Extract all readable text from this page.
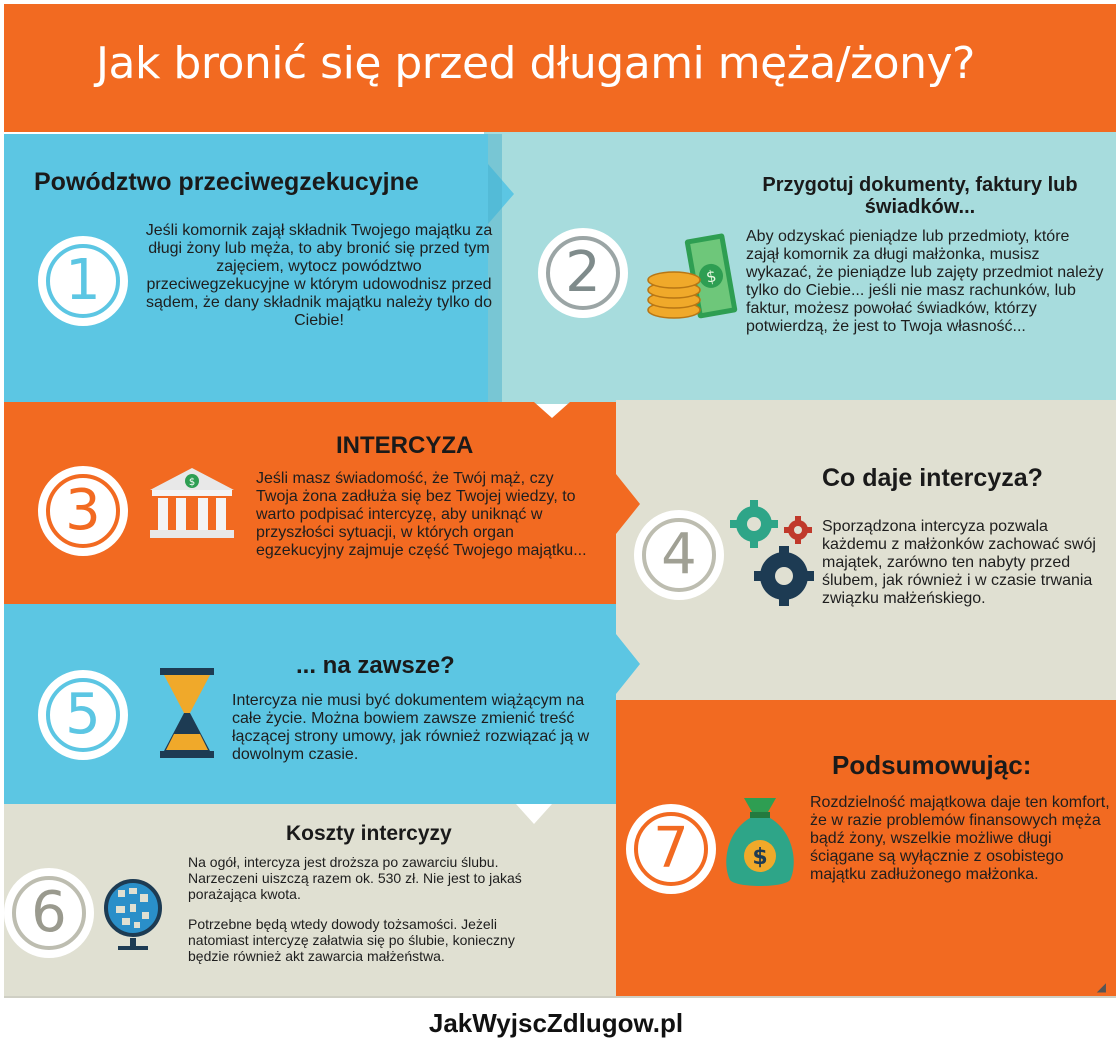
Jak bronić się przed długami męża/żony?
Powództwo przeciwegzekucyjne
1
Jeśli komornik zajął składnik Twojego majątku za długi żony lub męża, to aby bronić się przed tym zajęciem, wytocz powództwo przeciwegzekucyjne w którym udowodnisz przed sądem, że dany składnik majątku należy tylko do Ciebie!
Przygotuj dokumenty, faktury lub świadków...
2	$
Aby odzyskać pieniądze lub przedmioty, które zajął komornik za długi małżonka, musisz wykazać, że pieniądze lub zajęty przedmiot należy tylko do Ciebie... jeśli nie masz rachunków, lub faktur, możesz powołać świadków, którzy potwierdzą, że jest to Twoja własność...
INTERCYZA
3	$	Jeśli masz świadomość, że Twój mąż, czy Twoja żona zadłuża się bez Twojej wiedzy, to warto podpisać intercyzę, aby uniknąć w przyszłości sytuacji, w których organ egzekucyjny zajmuje część Twojego majątku...
Co daje intercyza?
4	Sporządzona intercyza pozwala każdemu z małżonków zachować swój majątek, zarówno ten nabyty przed ślubem, jak również i w czasie trwania związku małżeńskiego.
... na zawsze?
5	Intercyza nie musi być dokumentem wiążącym na całe życie. Można bowiem zawsze zmienić treść łączącej strony umowy, jak również rozwiązać ją w dowolnym czasie.
Koszty intercyzy
6
Na ogół, intercyza jest droższa po zawarciu ślubu. Narzeczeni uiszczą razem ok. 530 zł. Nie jest to jakaś porażająca kwota.
Potrzebne będą wtedy dowody tożsamości. Jeżeli natomiast intercyzę załatwia się po ślubie, konieczny będzie również akt zawarcia małżeństwa.
Podsumowując:
7	$
Rozdzielność majątkowa daje ten komfort, że w razie problemów finansowych męża bądź żony, wszelkie możliwe długi ściągane są wyłącznie z osobistego majątku zadłużonego małżonka.
◢
JakWyjscZdlugow.pl
